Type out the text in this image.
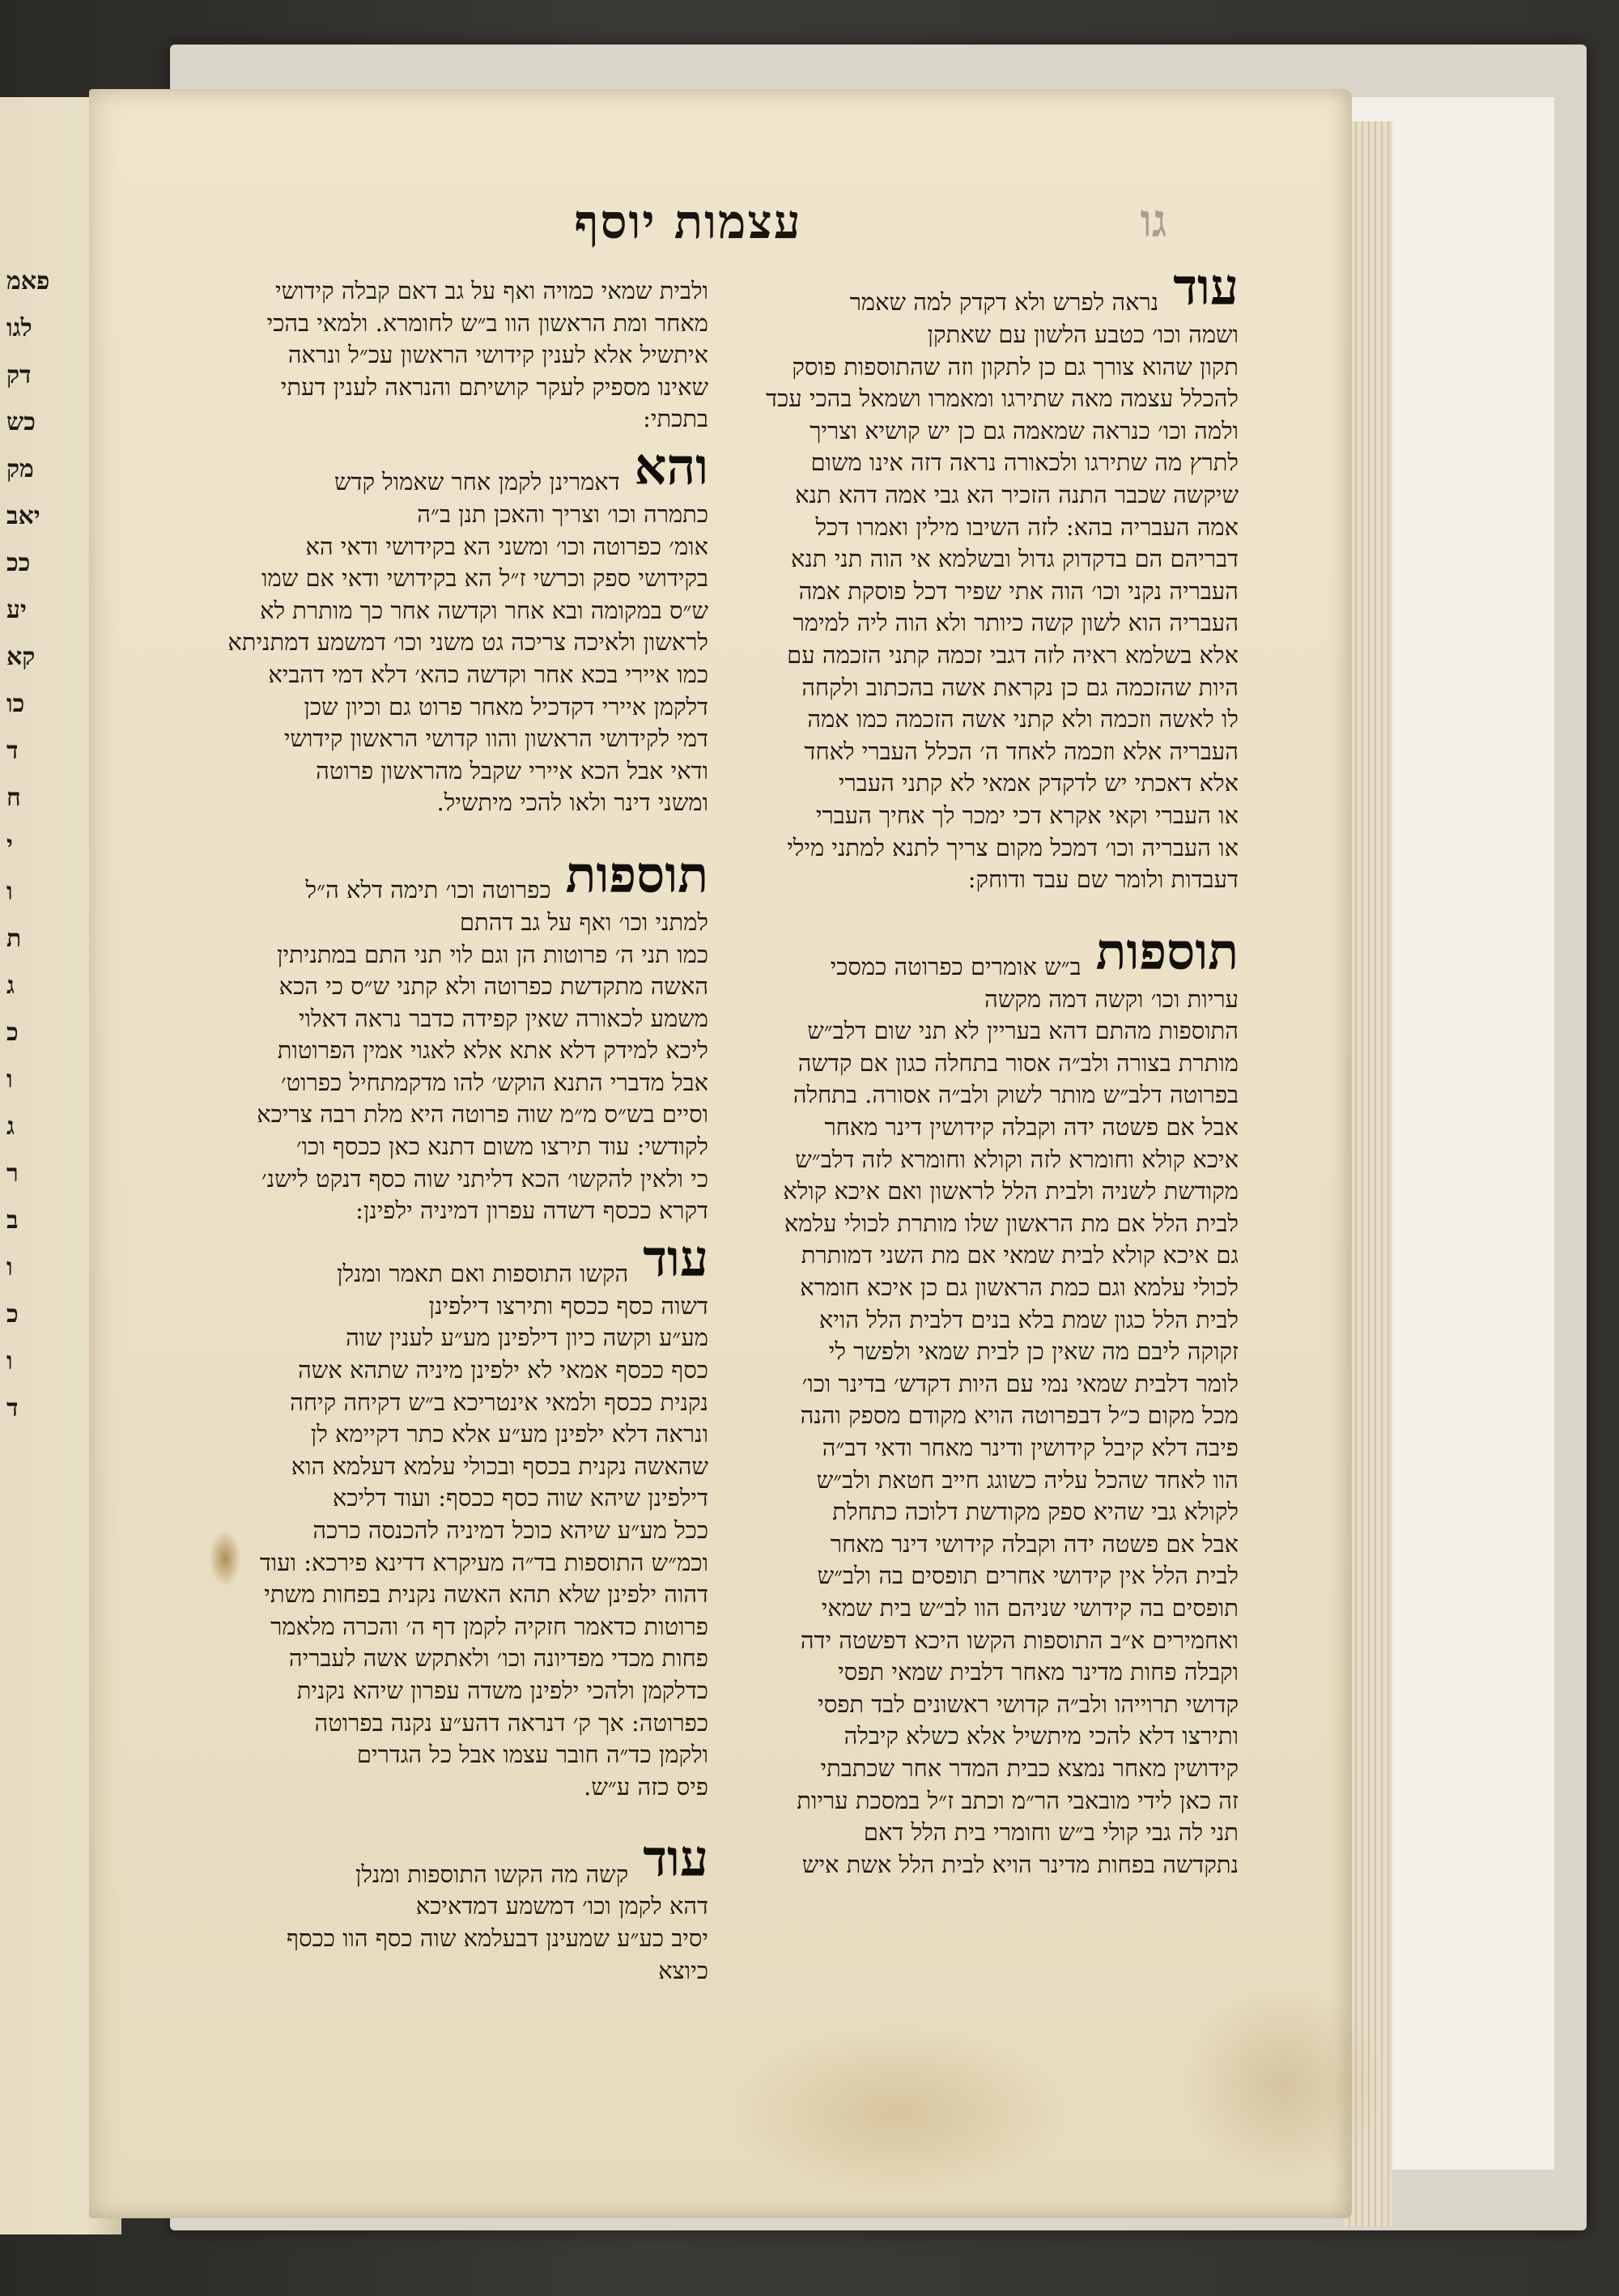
פאמ
לגו
דק
כש
מק
יאב
ככ
יע
קא
כו
ד
ח
י
ו
ת
ג
כ
ו
ג
ר
ב
ו
כ
ו
ד
עצמות יוסף	גו
עוד
נראה לפרש ולא דקדק למה שאמר
ושמה וכו׳ כטבע הלשון עם שאתקן
תקון שהוא צורך גם כן לתקון וזה שהתוספות פוסק
להכלל עצמה מאה שתירגו ומאמרו ושמאל בהכי עכד
ולמה וכו׳ כנראה שמאמה גם כן יש קושיא וצריך
לתרץ מה שתירגו ולכאורה נראה דזה אינו משום
שיקשה שכבר התנה הזכיר הא גבי אמה דהא תנא
אמה העבריה בהא: לזה השיבו מילין ואמרו דכל
דבריהם הם בדקדוק גדול ובשלמא אי הוה תני תנא
העבריה נקני וכו׳ הוה אתי שפיר דכל פוסקת אמה
העבריה הוא לשון קשה כיותר ולא הוה ליה למימר
אלא בשלמא ראיה לזה דגבי זכמה קתני הזכמה עם
היות שהזכמה גם כן נקראת אשה בהכתוב ולקחה
לו לאשה וזכמה ולא קתני אשה הזכמה כמו אמה
העבריה אלא וזכמה לאחד ה׳ הכלל העברי לאחד
אלא דאכתי יש לדקדק אמאי לא קתני העברי
או העברי וקאי אקרא דכי ימכר לך אחיך העברי
או העבריה וכו׳ דמכל מקום צריך לתנא למתני מילי
דעבדות ולומר שם עבד ודוחק:
תוספות
ב״ש אומרים כפרוטה כמסכי
עריות וכו׳ וקשה דמה מקשה
התוספות מהתם דהא בעריין לא תני שום דלב״ש
מותרת בצורה ולב״ה אסור בתחלה כגון אם קדשה
בפרוטה דלב״ש מותר לשוק ולב״ה אסורה. בתחלה
אבל אם פשטה ידה וקבלה קידושין דינר מאחר
איכא קולא וחומרא לזה וקולא וחומרא לזה דלב״ש
מקודשת לשניה ולבית הלל לראשון ואם איכא קולא
לבית הלל אם מת הראשון שלו מותרת לכולי עלמא
גם איכא קולא לבית שמאי אם מת השני דמותרת
לכולי עלמא וגם כמת הראשון גם כן איכא חומרא
לבית הלל כגון שמת בלא בנים דלבית הלל הויא
זקוקה ליבם מה שאין כן לבית שמאי ולפשר לי
לומר דלבית שמאי נמי עם היות דקדש׳ בדינר וכו׳
מכל מקום כ״ל דבפרוטה הויא מקודם מספק והנה
פיבה דלא קיבל קידושין ודינר מאחר ודאי דב״ה
הוו לאחד שהכל עליה כשוגג חייב חטאת ולב״ש
לקולא גבי שהיא ספק מקודשת דלוכה כתחלת
אבל אם פשטה ידה וקבלה קידושי דינר מאחר
לבית הלל אין קידושי אחרים תופסים בה ולב״ש
תופסים בה קידושי שניהם הוו לב״ש בית שמאי
ואחמירים א״ב התוספות הקשו היכא דפשטה ידה
וקבלה פחות מדינר מאחר דלבית שמאי תפסי
קדושי תרוייהו ולב״ה קדושי ראשונים לבד תפסי
ותירצו דלא להכי מיתשיל אלא כשלא קיבלה
קידושין מאחר נמצא כבית המדר אחר שכתבתי
זה כאן לידי מובאבי הר״מ וכתב ז״ל במסכת עריות
תני לה גבי קולי ב״ש וחומרי בית הלל דאם
נתקדשה בפחות מדינר הויא לבית הלל אשת איש
ולבית שמאי כמויה ואף על גב דאם קבלה קידושי
מאחר ומת הראשון הוו ב״ש לחומרא. ולמאי בהכי
איתשיל אלא לענין קידושי הראשון עכ״ל ונראה
שאינו מספיק לעקר קושיתם והנראה לענין דעתי
בתכתי:
והא
דאמרינן לקמן אחר שאמול קדש
כתמרה וכו׳ וצריך והאכן תנן ב״ה
אומ׳ כפרוטה וכו׳ ומשני הא בקידושי ודאי הא
בקידושי ספק וכרשי ז״ל הא בקידושי ודאי אם שמו
ש״ס במקומה ובא אחר וקדשה אחר כך מותרת לא
לראשון ולאיכה צריכה גט משני וכו׳ דמשמע דמתניתא
כמו איירי בכא אחר וקדשה כהא׳ דלא דמי דהביא
דלקמן איירי דקדכיל מאחר פרוט גם וכיון שכן
דמי לקידושי הראשון והוו קדושי הראשון קידושי
ודאי אבל הכא איירי שקבל מהראשון פרוטה
ומשני דינר ולאו להכי מיתשיל.
תוספות
כפרוטה וכו׳ תימה דלא ה״ל
למתני וכו׳ ואף על גב דהתם
כמו תני ה׳ פרוטות הן וגם לוי תני התם במתניתין
האשה מתקדשת כפרוטה ולא קתני ש״ס כי הכא
משמע לכאורה שאין קפידה כדבר נראה דאלוי
ליכא למידק דלא אתא אלא לאגוי אמין הפרוטות
אבל מדברי התנא הוקש׳ להו מדקמתחיל כפרוט׳
וסיים בש״ס מ״מ שוה פרוטה היא מלת רבה צריכא
לקודשי: עוד תירצו משום דתנא כאן ככסף וכו׳
כי ולאין להקשו׳ הכא דליתני שוה כסף דנקט לישנ׳
דקרא ככסף דשדה עפרון דמיניה ילפינן:
עוד
הקשו התוספות ואם תאמר ומנלן
דשוה כסף ככסף ותירצו דילפינן
מע״ע וקשה כיון דילפינן מע״ע לענין שוה
כסף ככסף אמאי לא ילפינן מיניה שתהא אשה
נקנית ככסף ולמאי אינטריכא ב״ש דקיחה קיחה
ונראה דלא ילפינן מע״ע אלא כתר דקיימא לן
שהאשה נקנית בכסף ובכולי עלמא דעלמא הוא
דילפינן שיהא שוה כסף ככסף: ועוד דליכא
ככל מע״ע שיהא כוכל דמיניה להכנסה כרכה
וכמ״ש התוספות בד״ה מעיקרא דדינא פירכא: ועוד
דהוה ילפינן שלא תהא האשה נקנית בפחות משתי
פרוטות כדאמר חזקיה לקמן דף ה׳ והכרה מלאמר
פחות מכדי מפדיונה וכו׳ ולאתקש אשה לעבריה
כדלקמן ולהכי ילפינן משדה עפרון שיהא נקנית
כפרוטה: אך ק׳ דנראה דהע״ע נקנה בפרוטה
ולקמן כד״ה חובר עצמו אבל כל הגדרים
פיס כזה ע״ש.
עוד
קשה מה הקשו התוספות ומנלן
דהא לקמן וכו׳ דמשמע דמדאיכא
יסיב כע״ע שמעינן דבעלמא שוה כסף הוו ככסף
כיוצא
